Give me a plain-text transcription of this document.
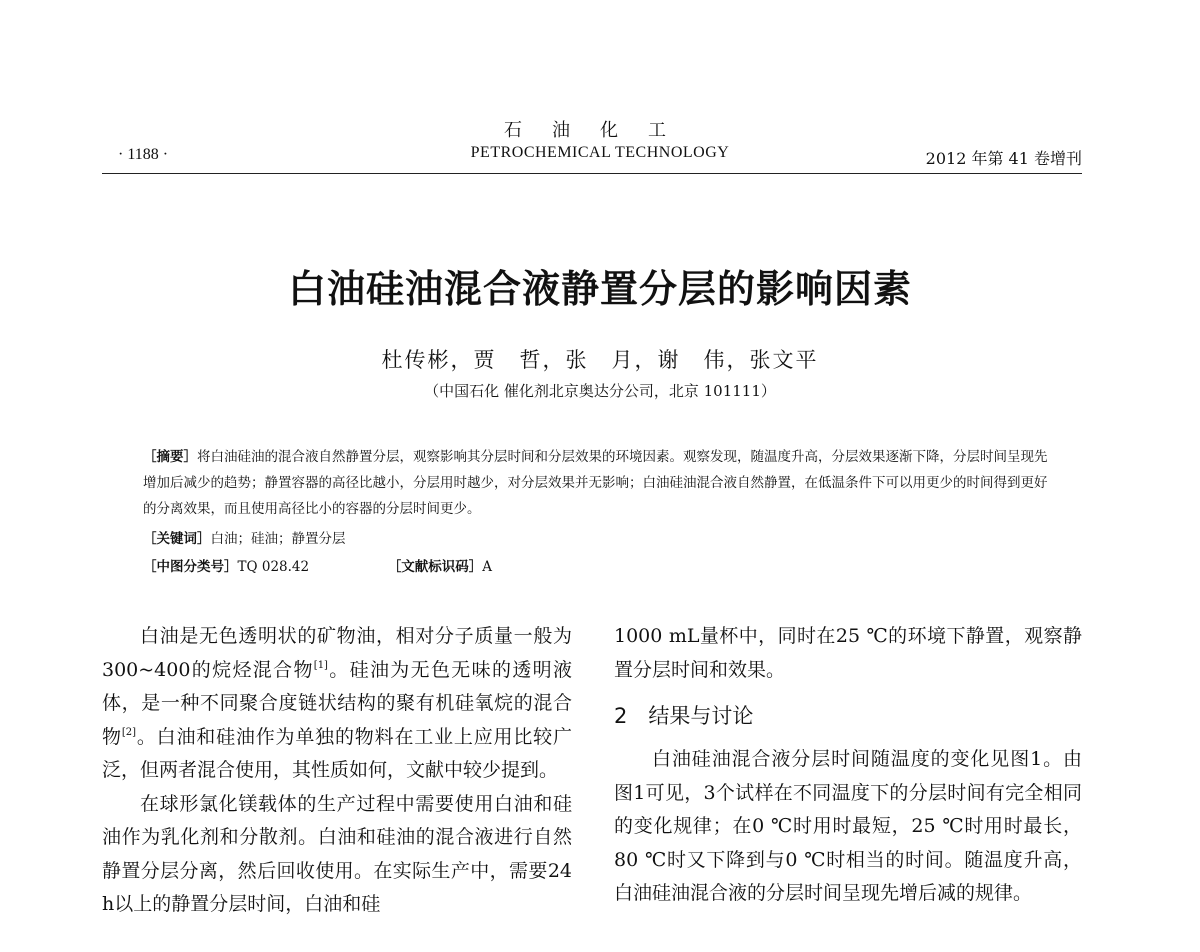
石油化工
PETROCHEMICAL TECHNOLOGY
· 1188 ·	2012 年第 41 卷增刊
白油硅油混合液静置分层的影响因素
杜传彬，贾　哲，张　月，谢　伟，张文平
（中国石化 催化剂北京奥达分公司，北京 101111）
［摘要］将白油硅油的混合液自然静置分层，观察影响其分层时间和分层效果的环境因素。观察发现，随温度升高，分层效果逐渐下降，分层时间呈现先增加后减少的趋势；静置容器的高径比越小，分层用时越少，对分层效果并无影响；白油硅油混合液自然静置，在低温条件下可以用更少的时间得到更好的分离效果，而且使用高径比小的容器的分层时间更少。
［关键词］白油；硅油；静置分层
［中图分类号］TQ 028.42	［文献标识码］A

白油是无色透明状的矿物油，相对分子质量一般为300~400的烷烃混合物[1]。硅油为无色无味的透明液体，是一种不同聚合度链状结构的聚有机硅氧烷的混合物[2]。白油和硅油作为单独的物料在工业上应用比较广泛，但两者混合使用，其性质如何，文献中较少提到。

在球形氯化镁载体的生产过程中需要使用白油和硅油作为乳化剂和分散剂。白油和硅油的混合液进行自然静置分层分离，然后回收使用。在实际生产中，需要24 h以上的静置分层时间，白油和硅

1000 mL量杯中，同时在25 ℃的环境下静置，观察静置分层时间和效果。

2　结果与讨论

白油硅油混合液分层时间随温度的变化见图1。由图1可见，3个试样在不同温度下的分层时间有完全相同的变化规律；在0 ℃时用时最短，25 ℃时用时最长，80 ℃时又下降到与0 ℃时相当的时间。随温度升高，白油硅油混合液的分层时间呈现先增后减的规律。
